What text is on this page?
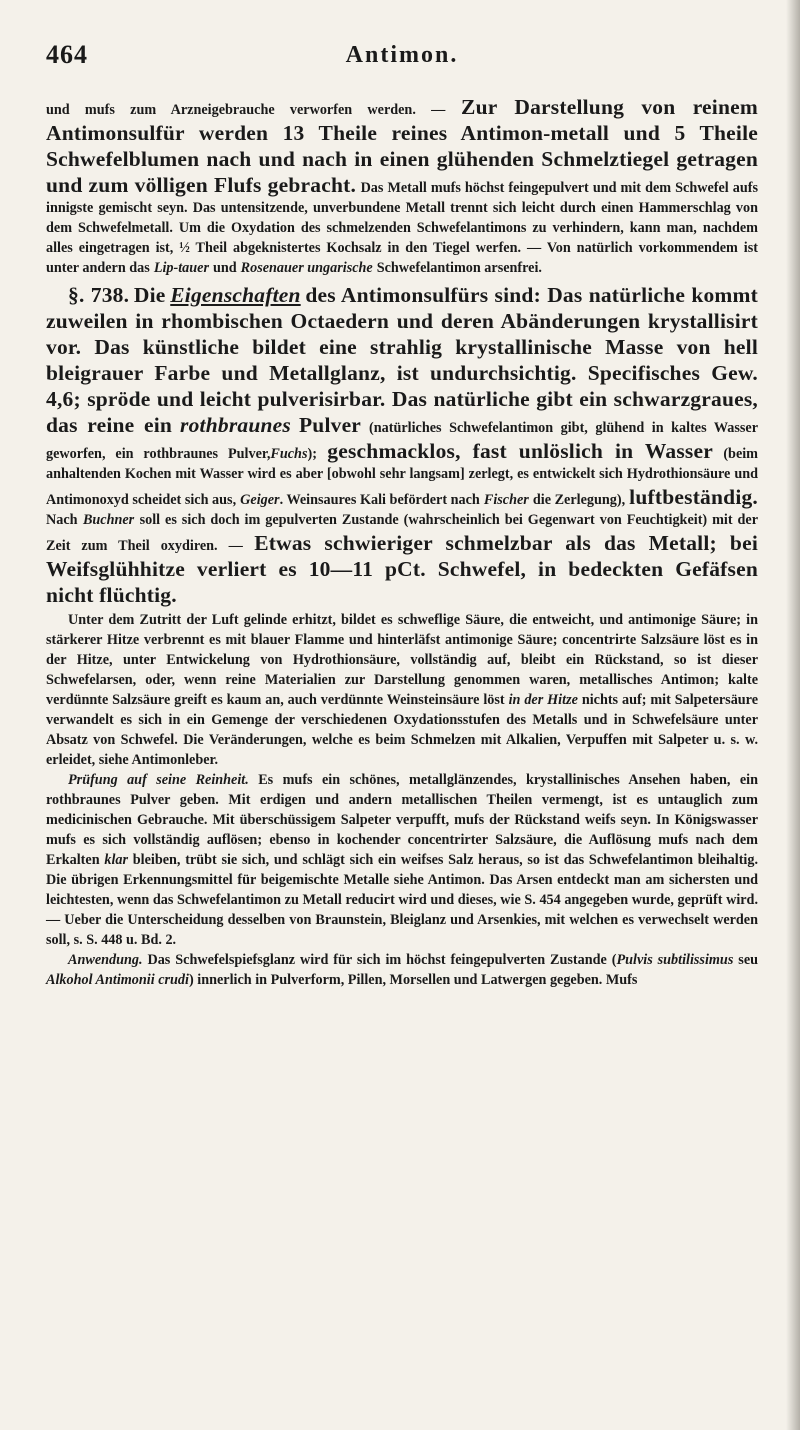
464	Antimon.

und mufs zum Arzneigebrauche verworfen werden. — Zur Darstellung von reinem Antimonsulfür werden 13 Theile reines Antimon-metall und 5 Theile Schwefelblumen nach und nach in einen glühenden Schmelztiegel getragen und zum völligen Flufs gebracht. Das Metall mufs höchst feingepulvert und mit dem Schwefel aufs innigste gemischt seyn. Das untensitzende, unverbundene Metall trennt sich leicht durch einen Hammerschlag von dem Schwefelmetall. Um die Oxydation des schmelzenden Schwefelantimons zu verhindern, kann man, nachdem alles eingetragen ist, ½ Theil abgeknistertes Kochsalz in den Tiegel werfen. — Von natürlich vorkommendem ist unter andern das Lip-tauer und Rosenauer ungarische Schwefelantimon arsenfrei.

§. 738. Die Eigenschaften des Antimonsulfürs sind: Das natürliche kommt zuweilen in rhombischen Octaedern und deren Abänderungen krystallisirt vor. Das künstliche bildet eine strahlig krystallinische Masse von hell bleigrauer Farbe und Metallglanz, ist undurchsichtig. Specifisches Gew. 4,6; spröde und leicht pulverisirbar. Das natürliche gibt ein schwarzgraues, das reine ein rothbraunes Pulver (natürliches Schwefelantimon gibt, glühend in kaltes Wasser geworfen, ein rothbraunes Pulver,Fuchs); geschmacklos, fast unlöslich in Wasser (beim anhaltenden Kochen mit Wasser wird es aber [obwohl sehr langsam] zerlegt, es entwickelt sich Hydrothionsäure und Antimonoxyd scheidet sich aus, Geiger. Weinsaures Kali befördert nach Fischer die Zerlegung), luftbeständig. Nach Buchner soll es sich doch im gepulverten Zustande (wahrscheinlich bei Gegenwart von Feuchtigkeit) mit der Zeit zum Theil oxydiren. — Etwas schwieriger schmelzbar als das Metall; bei Weifsglühhitze verliert es 10—11 pCt. Schwefel, in bedeckten Gefäfsen nicht flüchtig.

Unter dem Zutritt der Luft gelinde erhitzt, bildet es schweflige Säure, die entweicht, und antimonige Säure; in stärkerer Hitze verbrennt es mit blauer Flamme und hinterläfst antimonige Säure; concentrirte Salzsäure löst es in der Hitze, unter Entwickelung von Hydrothionsäure, vollständig auf, bleibt ein Rückstand, so ist dieser Schwefelarsen, oder, wenn reine Materialien zur Darstellung genommen waren, metallisches Antimon; kalte verdünnte Salzsäure greift es kaum an, auch verdünnte Weinsteinsäure löst in der Hitze nichts auf; mit Salpetersäure verwandelt es sich in ein Gemenge der verschiedenen Oxydationsstufen des Metalls und in Schwefelsäure unter Absatz von Schwefel. Die Veränderungen, welche es beim Schmelzen mit Alkalien, Verpuffen mit Salpeter u. s. w. erleidet, siehe Antimonleber.

Prüfung auf seine Reinheit. Es mufs ein schönes, metallglänzendes, krystallinisches Ansehen haben, ein rothbraunes Pulver geben. Mit erdigen und andern metallischen Theilen vermengt, ist es untauglich zum medicinischen Gebrauche. Mit überschüssigem Salpeter verpufft, mufs der Rückstand weifs seyn. In Königswasser mufs es sich vollständig auflösen; ebenso in kochender concentrirter Salzsäure, die Auflösung mufs nach dem Erkalten klar bleiben, trübt sie sich, und schlägt sich ein weifses Salz heraus, so ist das Schwefelantimon bleihaltig. Die übrigen Erkennungsmittel für beigemischte Metalle siehe Antimon. Das Arsen entdeckt man am sichersten und leichtesten, wenn das Schwefelantimon zu Metall reducirt wird und dieses, wie S. 454 angegeben wurde, geprüft wird. — Ueber die Unterscheidung desselben von Braunstein, Bleiglanz und Arsenkies, mit welchen es verwechselt werden soll, s. S. 448 u. Bd. 2.

Anwendung. Das Schwefelspiefsglanz wird für sich im höchst feingepulverten Zustande (Pulvis subtilissimus seu Alkohol Antimonii crudi) innerlich in Pulverform, Pillen, Morsellen und Latwergen gegeben. Mufs
